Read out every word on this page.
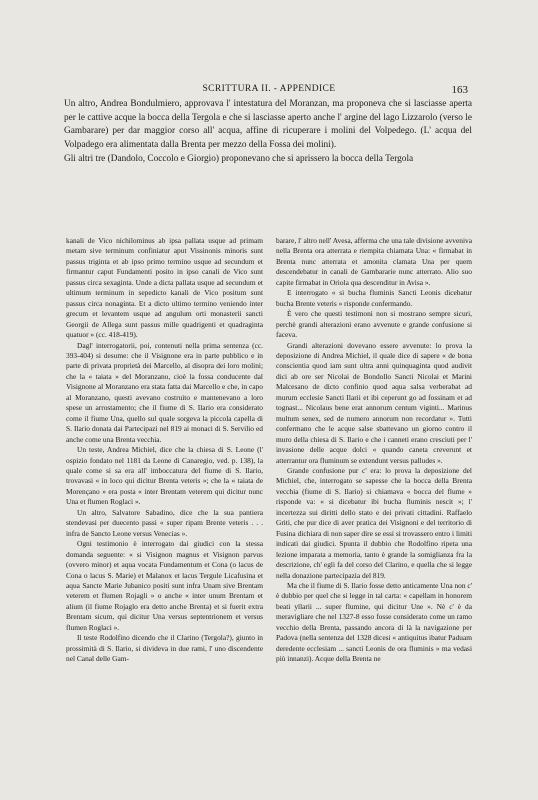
SCRITTURA II. - APPENDICE	163

Un altro, Andrea Bondulmiero, approvava l' intestatura del Moranzan, ma proponeva che si lasciasse aperta per le cattive acque la bocca della Tergola e che si lasciasse aperto anche l' argine del lago Lizzarolo (verso le Gambarare) per dar maggior corso all' acqua, affine di ricuperare i molini del Volpedego. (L' acqua del Volpadego era alimentata dalla Brenta per mezzo della Fossa dei molini).

Gli altri tre (Dandolo, Coccolo e Giorgio) proponevano che si aprissero la bocca della Tergola

kanali de Vico nichilominus ab ipsa pallata usque ad primam metam sive terminum confiniatur aput Vissinonis minoris sunt passus triginta et ab ipso primo termino usque ad secundum et firmantur caput Fundamenti posito in ipso canali de Vico sunt passus circa sexaginta. Unde a dicta pallata usque ad secundum et ultimum terminum in sepedicto kanali de Vico positum sunt passus circa nonaginta. Et a dicto ultimo termino veniendo inter grecum et levantem usque ad angulum orti monasterii sancti Georgii de Allega sunt passus mille quadrigenti et quadraginta quatuor » (cc. 418-419).

Dagl' interrogatorii, poi, contenuti nella prima sentenza (cc. 393-404) si desume: che il Visignone era in parte pubblico e in parte di privata proprietà dei Marcello, al disopra dei loro molini; che la « taiata » del Moranzano, cioè la fossa conducente dal Visignone al Moranzano era stata fatta dai Marcello e che, in capo al Moranzano, questi avevano costruito e mantenevano a loro spese un arrostamento; che il fiume di S. Ilario era considerato come il fiume Una, quello sul quale sorgeva la piccola capella di S. Ilario donata dai Partecipazi nel 819 ai monaci di S. Servilio ed anche come una Brenta vecchia.

Un teste, Andrea Michiel, dice che la chiesa di S. Leone (l' ospizio fondato nel 1181 da Leone di Canaregio, ved. p. 138), la quale come si sa era all' imboccatura del fiume di S. Ilario, trovavasi « in loco qui dicitur Brenta veteris »; che la « taiata de Morençano » era posta « inter Brentam veterem qui dicitur nunc Una et flumen Roglaci ».

Un altro, Salvatore Sabadino, dice che la sua pantiera stendevasi per duecento passi « super ripam Brente veteris . . . infra de Sancto Leone versus Venecias ».

Ogni testimonio è interrogato dai giudici con la stessa domanda seguente: « si Visignon magnus et Visignon parvus (ovvero minor) et aqua vocata Fundamentum et Cona (o lacus de Cona o lacus S. Marie) et Malanox et lacus Tergule Licafusina et aqua Sancte Marie Jubanico positi sunt infra Unam sive Brentam veterem et flumen Rojagli » o anche « inter unum Brentam et alium (il fiume Rojaglo era detto anche Brenta) et si fuerit extra Brentam sicum, qui dicitur Una versus septentrionem et versus flumen Roglaci ».

Il teste Rodolfino dicendo che il Clarino (Tergola?), giunto in prossimità di S. Ilario, si divideva in due rami, l' uno discendente nel Canal delle Gam-

barare, l' altro nell' Avesa, afferma che una tale divisione avveniva nella Brenta ora atterrata e riempita chiamata Una: « firmabat in Brenta nunc atterrata et amonita clamata Una per quem descendebatur in canali de Gambararie nunc atterrato. Alio suo capite firmabat in Oriola qua descenditur in Avisa ».

E interrogato « si bucha fluminis Sancti Leonis dicebatur bucha Brente veteris » risponde confermando.

È vero che questi testimoni non si mostrano sempre sicuri, perchè grandi alterazioni erano avvenute e grande confusione si faceva.

Grandi alterazioni dovevano essere avvenute: lo prova la deposizione di Andrea Michiel, il quale dice di sapere « de bona conscientia quod iam sunt ultra anni quinquaginta quod audivit dici ab ore ser Nicolai de Bondollo Sancti Nicolai et Marini Malcesano de dicto confinio quod aqua salsa verberabat ad murum ecclesie Sancti Ilarii et ibi ceperunt go ad fossinam et ad tognast... Nicolaus bene erat annorum centum viginti... Marinus multum senex, sed de numero annorum non recordatur ». Tutti confermano che le acque salse sbattevano un giorno contro il muro della chiesa di S. Ilario e che i canneti erano cresciuti per l' invasione delle acque dolci « quando caneta creverunt et atterrantur ora fluminum se extendunt versus palludes ».

Grande confusione pur c' era: lo prova la deposizione del Michiel, che, interrogato se sapesse che la bocca della Brenta vecchia (fiume di S. Ilario) si chiamava « bocca del flume » risponde va: « si dicebatur ibi bucha fluminis nescit »; l' incertezza sui diritti dello stato e dei privati cittadini. Raffaelo Griti, che pur dice di aver pratica dei Visignoni e del territorio di Fusina dichiara di non saper dire se essi si trovassero entro i limiti indicati dai giudici. Spunta il dubbio che Rodolfino ripeta una lezione imparata a memoria, tanto è grande la somiglianza fra la descrizione, ch' egli fa del corso del Clarino, e quella che si legge nella donazione partecipazia del 819.

Ma che il fiume di S. Ilario fosse detto anticamente Una non c' è dubbio per quel che si legge in tal carta: « capellam in honorem beati yllarii ... super flumine, qui dicitur Une ». Nè c' è da meravigliare che nel 1327-8 esso fosse considerato come un ramo vecchio della Brenta, passando ancora di là la navigazione per Padova (nella sentenza del 1328 dicesi « antiquitus ibatur Paduam deredente ecclesiam ... sancti Leonis de ora fluminis » ma vedasi più innanzi). Acque della Brenta ne
